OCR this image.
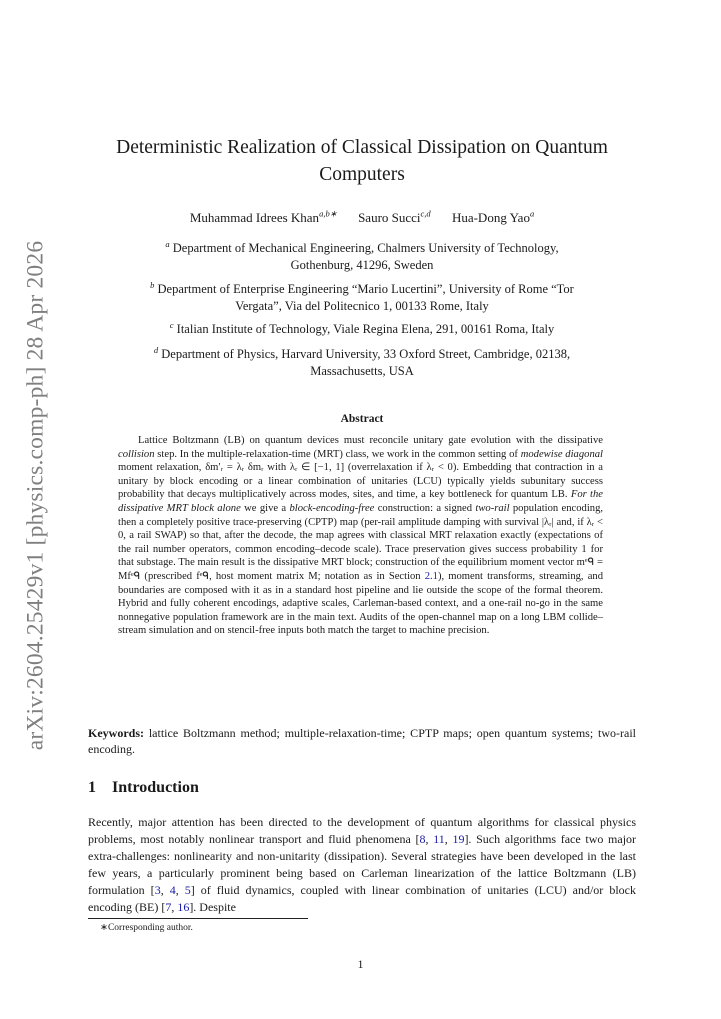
arXiv:2604.25429v1 [physics.comp-ph] 28 Apr 2026
Deterministic Realization of Classical Dissipation on Quantum
Computers
Muhammad Idrees Khan$^{a,b∗}$ Sauro Succi$^{c,d}$ Hua-Dong Yao$^a$
$^a$ Department of Mechanical Engineering, Chalmers University of Technology,
Gothenburg, 41296, Sweden
$^b$ Department of Enterprise Engineering “Mario Lucertini”, University of Rome “Tor
Vergata”, Via del Politecnico 1, 00133 Rome, Italy
$^c$ Italian Institute of Technology, Viale Regina Elena, 291, 00161 Roma, Italy
$^d$ Department of Physics, Harvard University, 33 Oxford Street, Cambridge, 02138,
Massachusetts, USA
Abstract
Lattice Boltzmann (LB) on quantum devices must reconcile unitary gate evolution with the dissipative collision step. In the multiple-relaxation-time (MRT) class, we work in the common setting of modewise diagonal moment relaxation, δm′ᵣ = λᵣ δmᵣ with λᵣ ∈ [−1, 1] (overrelaxation if λᵣ < 0). Embedding that contraction in a unitary by block encoding or a linear combination of unitaries (LCU) typically yields subunitary success probability that decays multiplicatively across modes, sites, and time, a key bottleneck for quantum LB. For the dissipative MRT block alone we give a block-encoding-free construction: a signed two-rail population encoding, then a completely positive trace-preserving (CPTP) map (per-rail amplitude damping with survival |λᵣ| and, if λᵣ < 0, a rail SWAP) so that, after the decode, the map agrees with classical MRT relaxation exactly (expectations of the rail number operators, common encoding–decode scale). Trace preservation gives success probability 1 for that substage. The main result is the dissipative MRT block; construction of the equilibrium moment vector mᵉᑫ = Mfᵉᑫ (prescribed fᵉᑫ, host moment matrix M; notation as in Section 2.1), moment transforms, streaming, and boundaries are composed with it as in a standard host pipeline and lie outside the scope of the formal theorem. Hybrid and fully coherent encodings, adaptive scales, Carleman-based context, and a one-rail no-go in the same nonnegative population framework are in the main text. Audits of the open-channel map on a long LBM collide–stream simulation and on stencil-free inputs both match the target to machine precision.
Keywords: lattice Boltzmann method; multiple-relaxation-time; CPTP maps; open quantum systems; two-rail encoding.
1 Introduction
Recently, major attention has been directed to the development of quantum algorithms for classical physics problems, most notably nonlinear transport and fluid phenomena [8, 11, 19]. Such algorithms face two major extra-challenges: nonlinearity and non-unitarity (dissipation). Several strategies have been developed in the last few years, a particularly prominent being based on Carleman linearization of the lattice Boltzmann (LB) formulation [3, 4, 5] of fluid dynamics, coupled with linear combination of unitaries (LCU) and/or block encoding (BE) [7, 16]. Despite
∗Corresponding author.
1
